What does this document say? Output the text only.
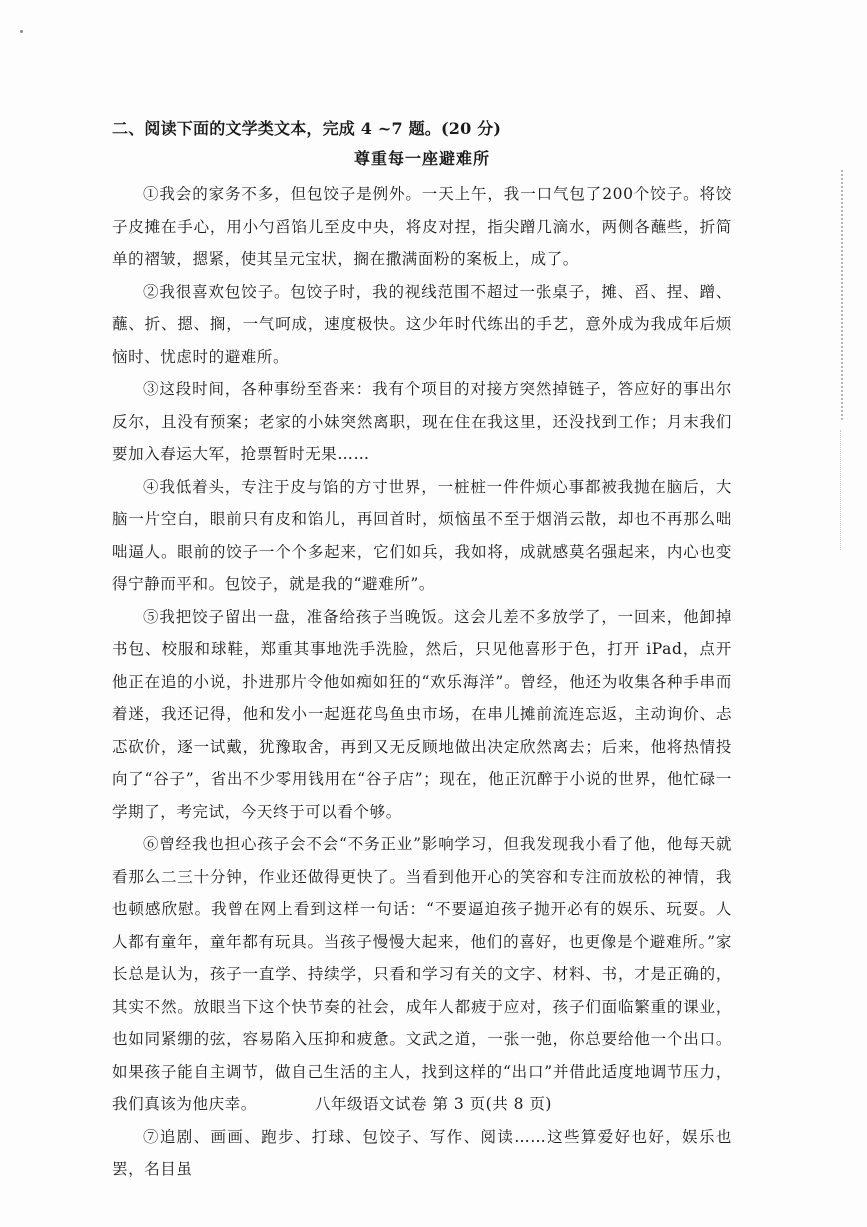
二、阅读下面的文学类文本，完成 4 ~7 题。(20 分)
尊重每一座避难所

①我会的家务不多，但包饺子是例外。一天上午，我一口气包了200个饺子。将饺子皮摊在手心，用小勺舀馅儿至皮中央，将皮对捏，指尖蹭几滴水，两侧各蘸些，折简单的褶皱，摁紧，使其呈元宝状，搁在撒满面粉的案板上，成了。

②我很喜欢包饺子。包饺子时，我的视线范围不超过一张桌子，摊、舀、捏、蹭、蘸、折、摁、搁，一气呵成，速度极快。这少年时代练出的手艺，意外成为我成年后烦恼时、忧虑时的避难所。

③这段时间，各种事纷至沓来：我有个项目的对接方突然掉链子，答应好的事出尔反尔，且没有预案；老家的小妹突然离职，现在住在我这里，还没找到工作；月末我们要加入春运大军，抢票暂时无果……

④我低着头，专注于皮与馅的方寸世界，一桩桩一件件烦心事都被我抛在脑后，大脑一片空白，眼前只有皮和馅儿，再回首时，烦恼虽不至于烟消云散，却也不再那么咄咄逼人。眼前的饺子一个个多起来，它们如兵，我如将，成就感莫名强起来，内心也变得宁静而平和。包饺子，就是我的“避难所”。

⑤我把饺子留出一盘，准备给孩子当晚饭。这会儿差不多放学了，一回来，他卸掉书包、校服和球鞋，郑重其事地洗手洗脸，然后，只见他喜形于色，打开 iPad，点开他正在追的小说，扑进那片令他如痴如狂的“欢乐海洋”。曾经，他还为收集各种手串而着迷，我还记得，他和发小一起逛花鸟鱼虫市场，在串儿摊前流连忘返，主动询价、忐忑砍价，逐一试戴，犹豫取舍，再到又无反顾地做出决定欣然离去；后来，他将热情投向了“谷子”，省出不少零用钱用在“谷子店”；现在，他正沉醉于小说的世界，他忙碌一学期了，考完试，今天终于可以看个够。

⑥曾经我也担心孩子会不会“不务正业”影响学习，但我发现我小看了他，他每天就看那么二三十分钟，作业还做得更快了。当看到他开心的笑容和专注而放松的神情，我也顿感欣慰。我曾在网上看到这样一句话：“不要逼迫孩子抛开必有的娱乐、玩耍。人人都有童年，童年都有玩具。当孩子慢慢大起来，他们的喜好，也更像是个避难所。”家长总是认为，孩子一直学、持续学，只看和学习有关的文字、材料、书，才是正确的，其实不然。放眼当下这个快节奏的社会，成年人都疲于应对，孩子们面临繁重的课业，也如同紧绷的弦，容易陷入压抑和疲惫。文武之道，一张一弛，你总要给他一个出口。如果孩子能自主调节，做自己生活的主人，找到这样的“出口”并借此适度地调节压力，我们真该为他庆幸。

⑦追剧、画画、跑步、打球、包饺子、写作、阅读……这些算爱好也好，娱乐也罢，名目虽

八年级语文试卷 第 3 页(共 8 页)
